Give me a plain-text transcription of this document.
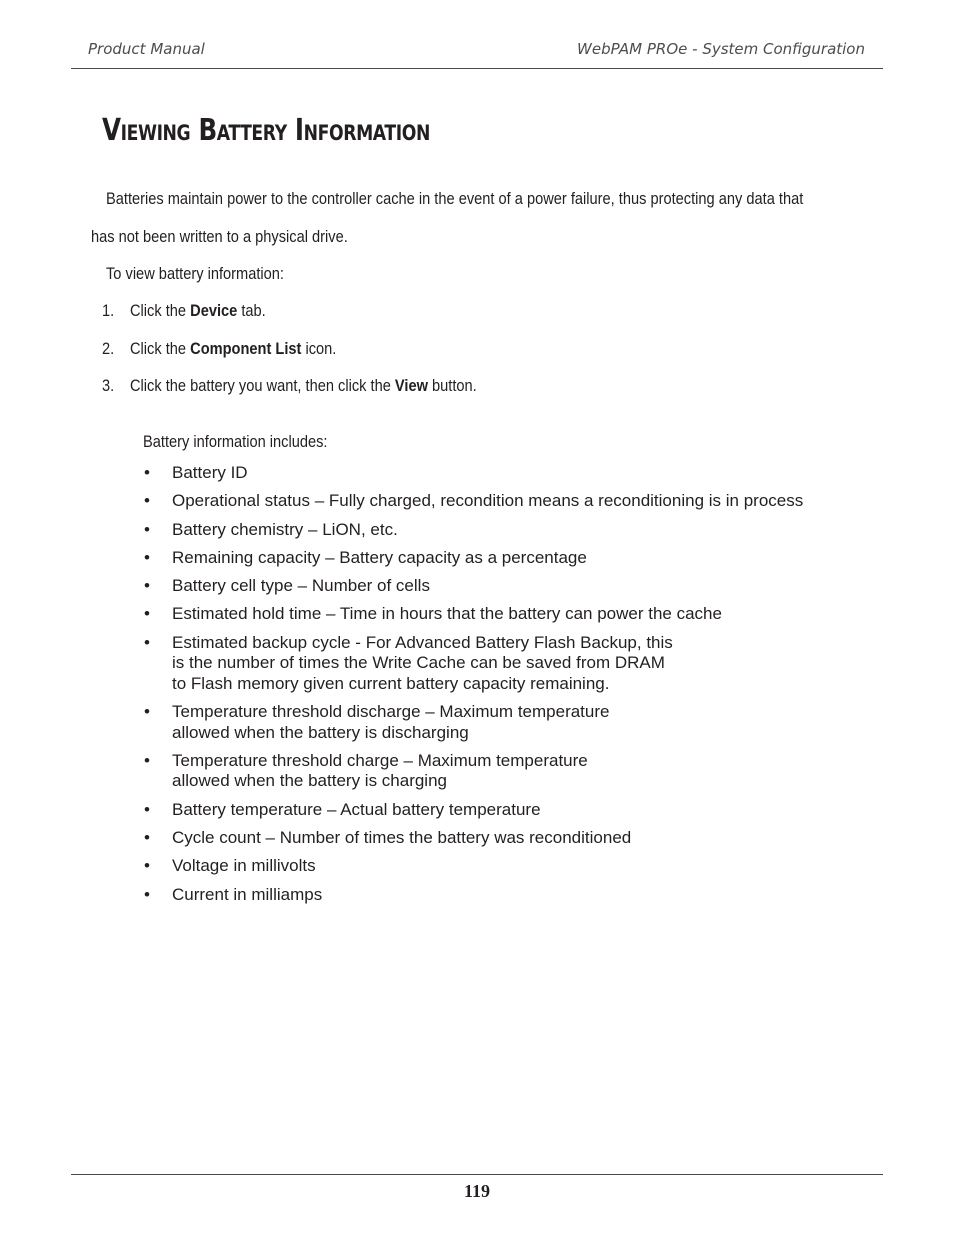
Product Manual	WebPAM PROe - System Configuration
Viewing Battery Information
Batteries maintain power to the controller cache in the event of a power failure, thus protecting any data that
has not been written to a physical drive.
To view battery information:
1. Click the Device tab.
2. Click the Component List icon.
3. Click the battery you want, then click the View button.
Battery information includes:
• Battery ID
• Operational status – Fully charged, recondition means a reconditioning is in process
• Battery chemistry – LiON, etc.
• Remaining capacity – Battery capacity as a percentage
• Battery cell type – Number of cells
• Estimated hold time – Time in hours that the battery can power the cache
• Estimated backup cycle - For Advanced Battery Flash Backup, this
is the number of times the Write Cache can be saved from DRAM
to Flash memory given current battery capacity remaining.
• Temperature threshold discharge – Maximum temperature
allowed when the battery is discharging
• Temperature threshold charge – Maximum temperature
allowed when the battery is charging
• Battery temperature – Actual battery temperature
• Cycle count – Number of times the battery was reconditioned
• Voltage in millivolts
• Current in milliamps
119
